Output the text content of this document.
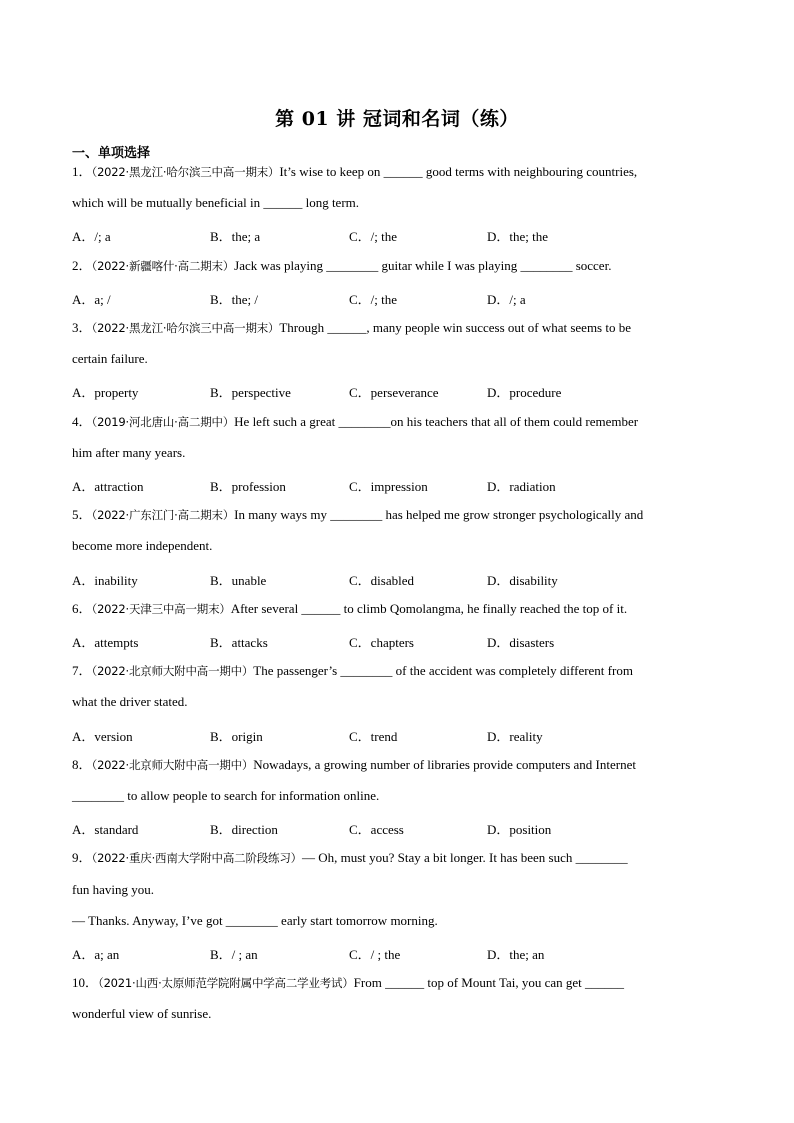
第 01 讲 冠词和名词（练）
一、单项选择
1．（2022·黑龙江·哈尔滨三中高一期末）It’s wise to keep on ______ good terms with neighbouring countries,
which will be mutually beneficial in ______ long term.
A．/; a	B．the; a	C．/; the	D．the; the
2．（2022·新疆喀什·高二期末）Jack was playing ________ guitar while I was playing ________ soccer.
A．a; /	B．the; /	C．/; the	D．/; a
3．（2022·黑龙江·哈尔滨三中高一期末）Through ______, many people win success out of what seems to be
certain failure.
A．property	B．perspective	C．perseverance	D．procedure
4．（2019·河北唐山·高二期中）He left such a great ________on his teachers that all of them could remember
him after many years.
A．attraction	B．profession	C．impression	D．radiation
5．（2022·广东江门·高二期末）In many ways my ________ has helped me grow stronger psychologically and
become more independent.
A．inability	B．unable	C．disabled	D．disability
6．（2022·天津三中高一期末）After several ______ to climb Qomolangma, he finally reached the top of it.
A．attempts	B．attacks	C．chapters	D．disasters
7．（2022·北京师大附中高一期中）The passenger’s ________ of the accident was completely different from
what the driver stated.
A．version	B．origin	C．trend	D．reality
8．（2022·北京师大附中高一期中）Nowadays, a growing number of libraries provide computers and Internet
________ to allow people to search for information online.
A．standard	B．direction	C．access	D．position
9．（2022·重庆·西南大学附中高二阶段练习）— Oh, must you? Stay a bit longer. It has been such ________
fun having you.
— Thanks. Anyway, I’ve got ________ early start tomorrow morning.
A．a; an	B．/ ; an	C．/ ; the	D．the; an
10．（2021·山西·太原师范学院附属中学高二学业考试）From ______ top of Mount Tai, you can get ______
wonderful view of sunrise.
